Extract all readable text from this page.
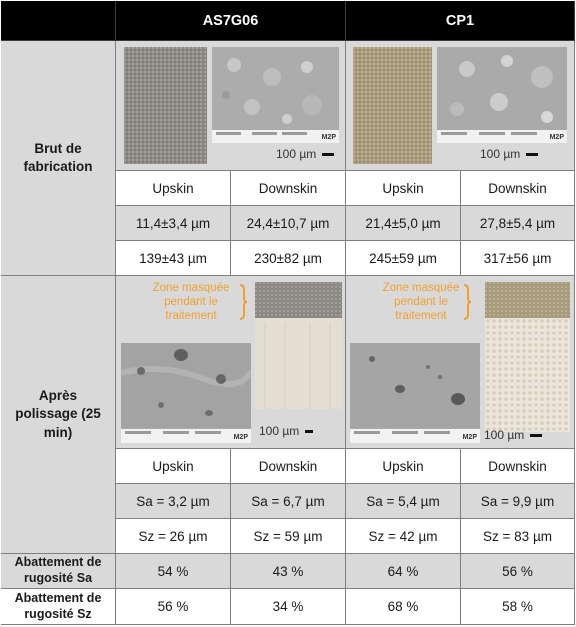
AS7G06	CP1
Brut de fabrication
M2P
100 µm
M2P
100 µm
Upskin	Downskin	Upskin	Downskin
11,4±3,4 µm	24,4±10,7 µm	21,4±5,0 µm	27,8±5,4 µm
139±43 µm	230±82 µm	245±59 µm	317±56 µm
Après polissage (25 min)
Zone masquée pendant le traitement
M2P 100 µm
Zone masquée pendant le traitement
M2P 100 µm
Upskin	Downskin	Upskin	Downskin
Sa = 3,2 µm	Sa = 6,7 µm	Sa = 5,4 µm	Sa = 9,9 µm
Sz = 26 µm	Sz = 59 µm	Sz = 42 µm	Sz = 83 µm
Abattement de rugosité Sa	54 %	43 %	64 %	56 %
Abattement de rugosité Sz	56 %	34 %	68 %	58 %
